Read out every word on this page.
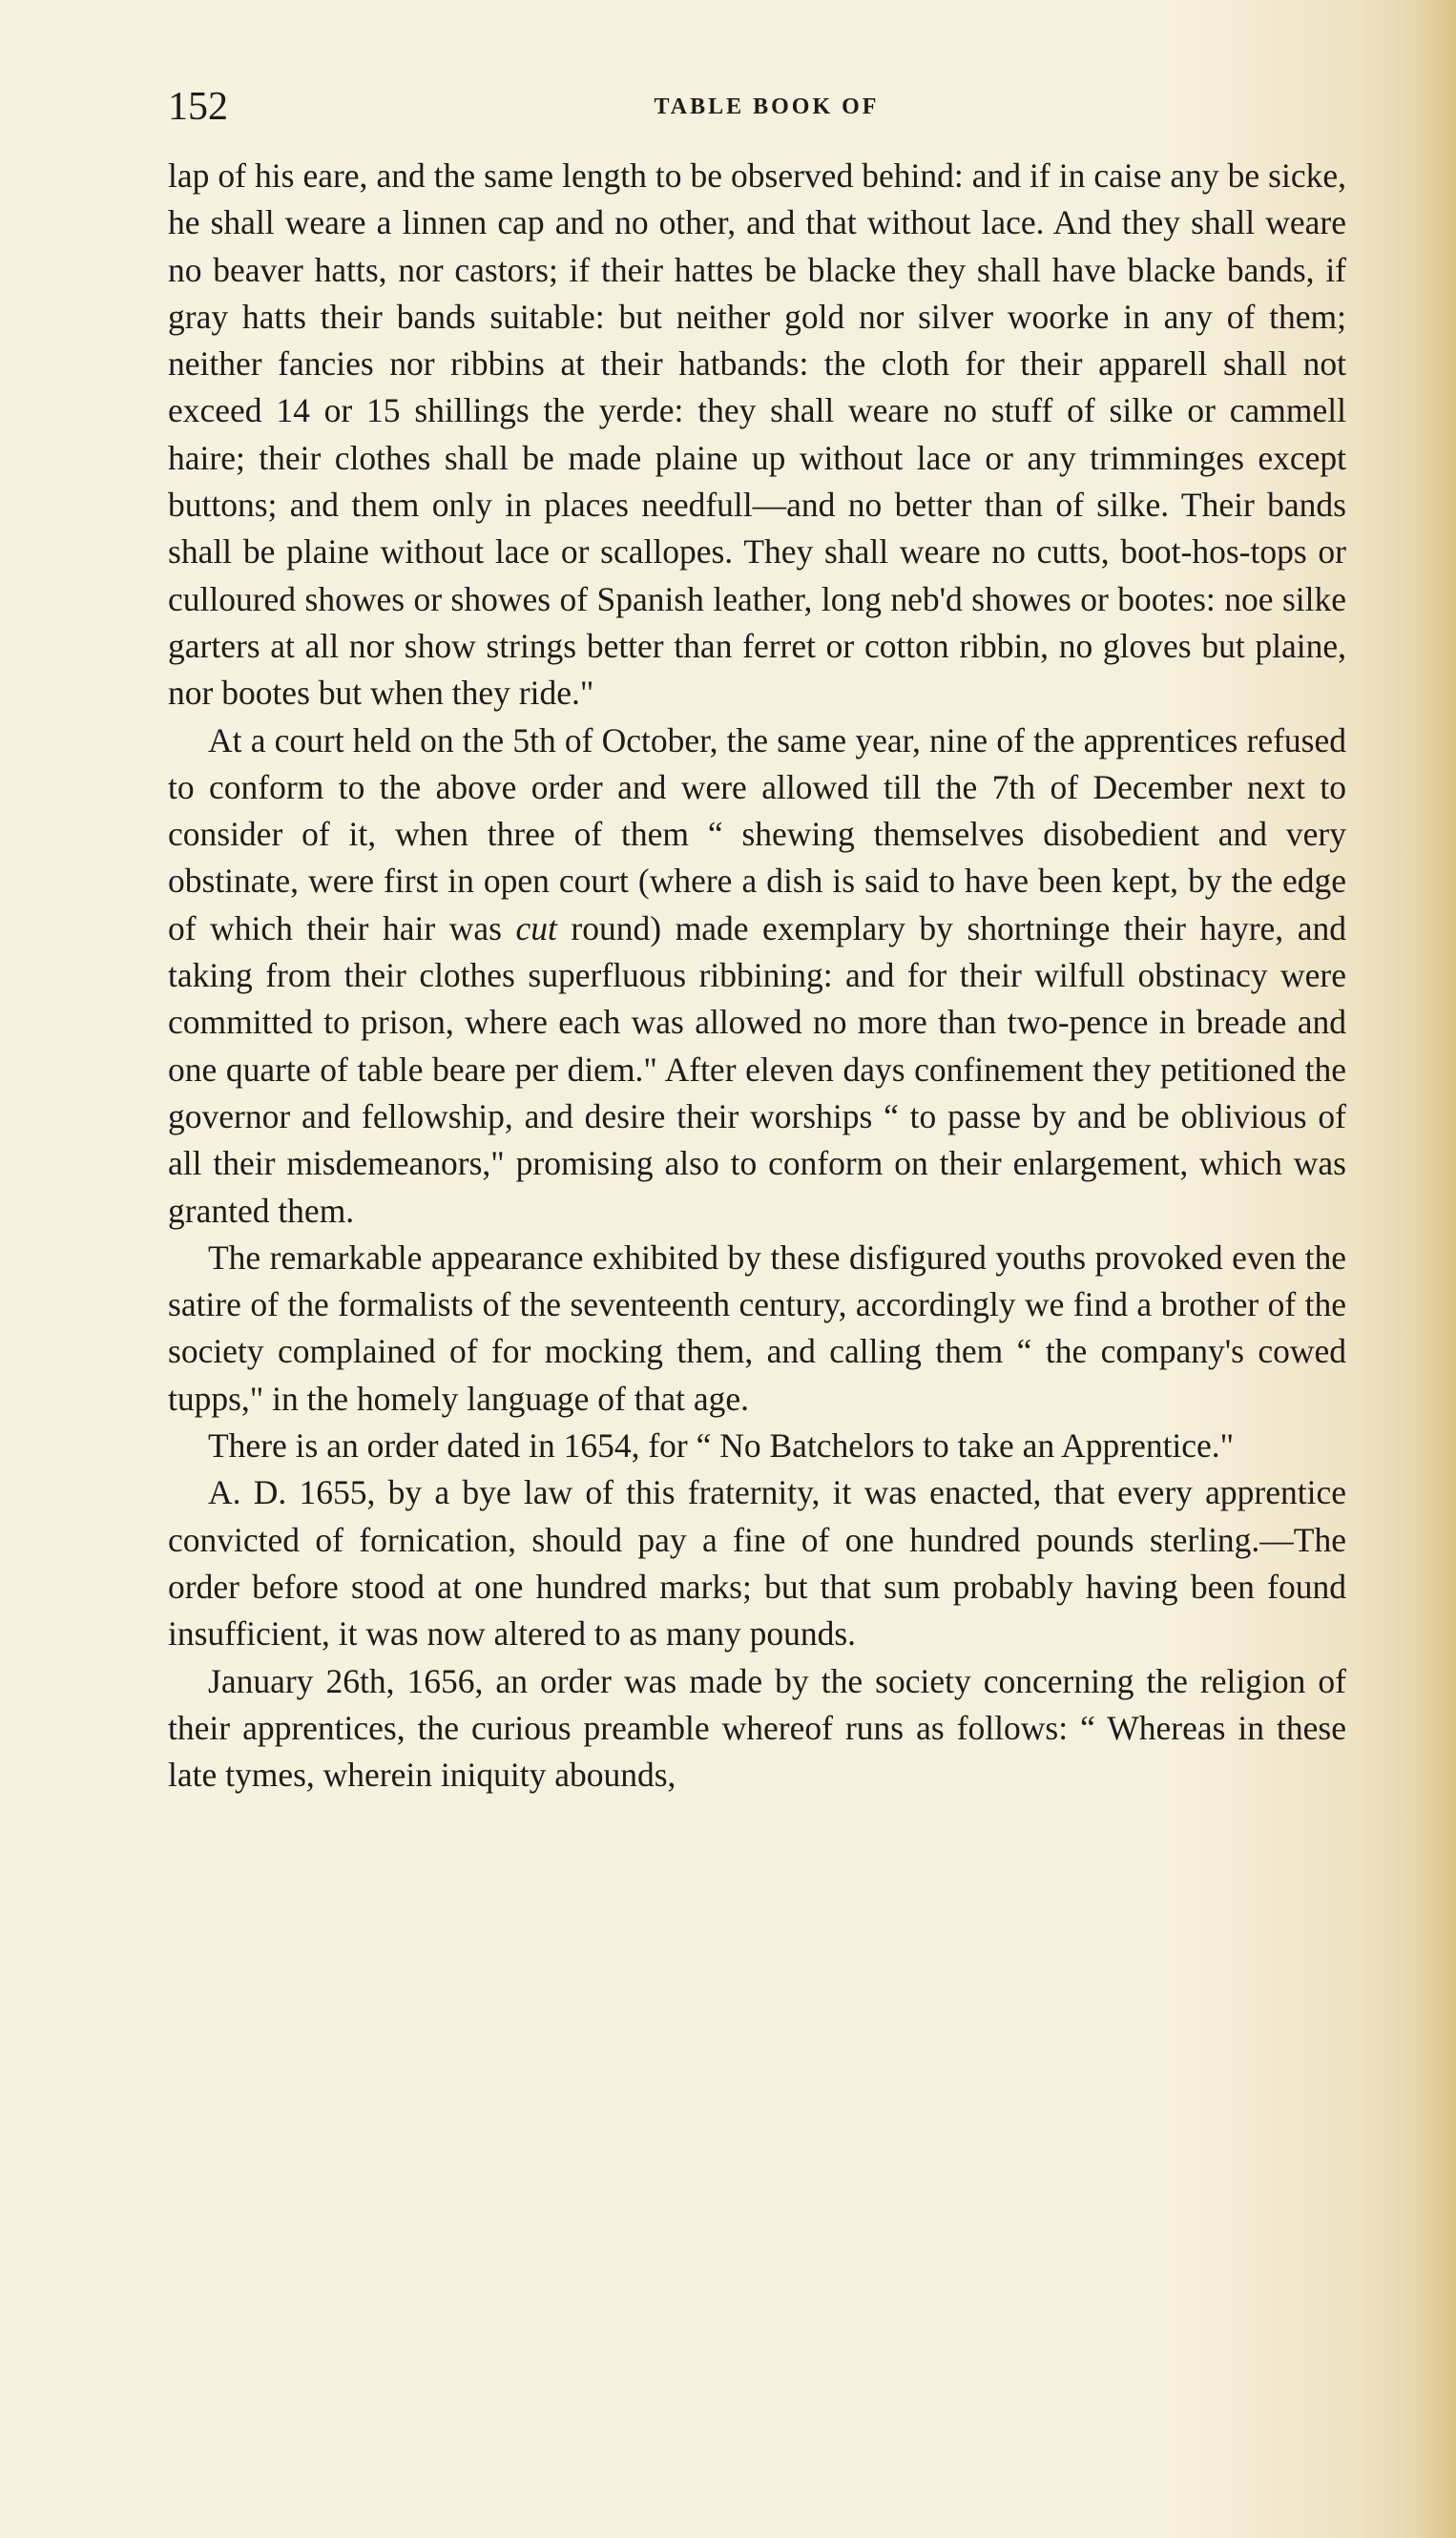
152	TABLE BOOK OF

lap of his eare, and the same length to be observed behind: and if in caise any be sicke, he shall weare a linnen cap and no other, and that without lace. And they shall weare no beaver hatts, nor castors; if their hattes be blacke they shall have blacke bands, if gray hatts their bands suitable: but neither gold nor silver woorke in any of them; neither fancies nor ribbins at their hatbands: the cloth for their apparell shall not exceed 14 or 15 shillings the yerde: they shall weare no stuff of silke or cammell haire; their clothes shall be made plaine up without lace or any trimminges except buttons; and them only in places needfull—and no better than of silke. Their bands shall be plaine without lace or scallopes. They shall weare no cutts, boot-hos-tops or culloured showes or showes of Spanish leather, long neb'd showes or bootes: noe silke garters at all nor show strings better than ferret or cotton ribbin, no gloves but plaine, nor bootes but when they ride."

At a court held on the 5th of October, the same year, nine of the apprentices refused to conform to the above order and were allowed till the 7th of December next to consider of it, when three of them “ shewing themselves disobedient and very obstinate, were first in open court (where a dish is said to have been kept, by the edge of which their hair was cut round) made exemplary by shortninge their hayre, and taking from their clothes superfluous ribbining: and for their wilfull obstinacy were committed to prison, where each was allowed no more than two-pence in breade and one quarte of table beare per diem." After eleven days confinement they petitioned the governor and fellowship, and desire their worships “ to passe by and be oblivious of all their misdemeanors," promising also to conform on their enlargement, which was granted them.

The remarkable appearance exhibited by these disfigured youths provoked even the satire of the formalists of the seventeenth century, accordingly we find a brother of the society complained of for mocking them, and calling them “ the company's cowed tupps," in the homely language of that age.

There is an order dated in 1654, for “ No Batchelors to take an Apprentice."

A. D. 1655, by a bye law of this fraternity, it was enacted, that every apprentice convicted of fornication, should pay a fine of one hundred pounds sterling.—The order before stood at one hundred marks; but that sum probably having been found insufficient, it was now altered to as many pounds.

January 26th, 1656, an order was made by the society concerning the religion of their apprentices, the curious preamble whereof runs as follows: “ Whereas in these late tymes, wherein iniquity abounds,
